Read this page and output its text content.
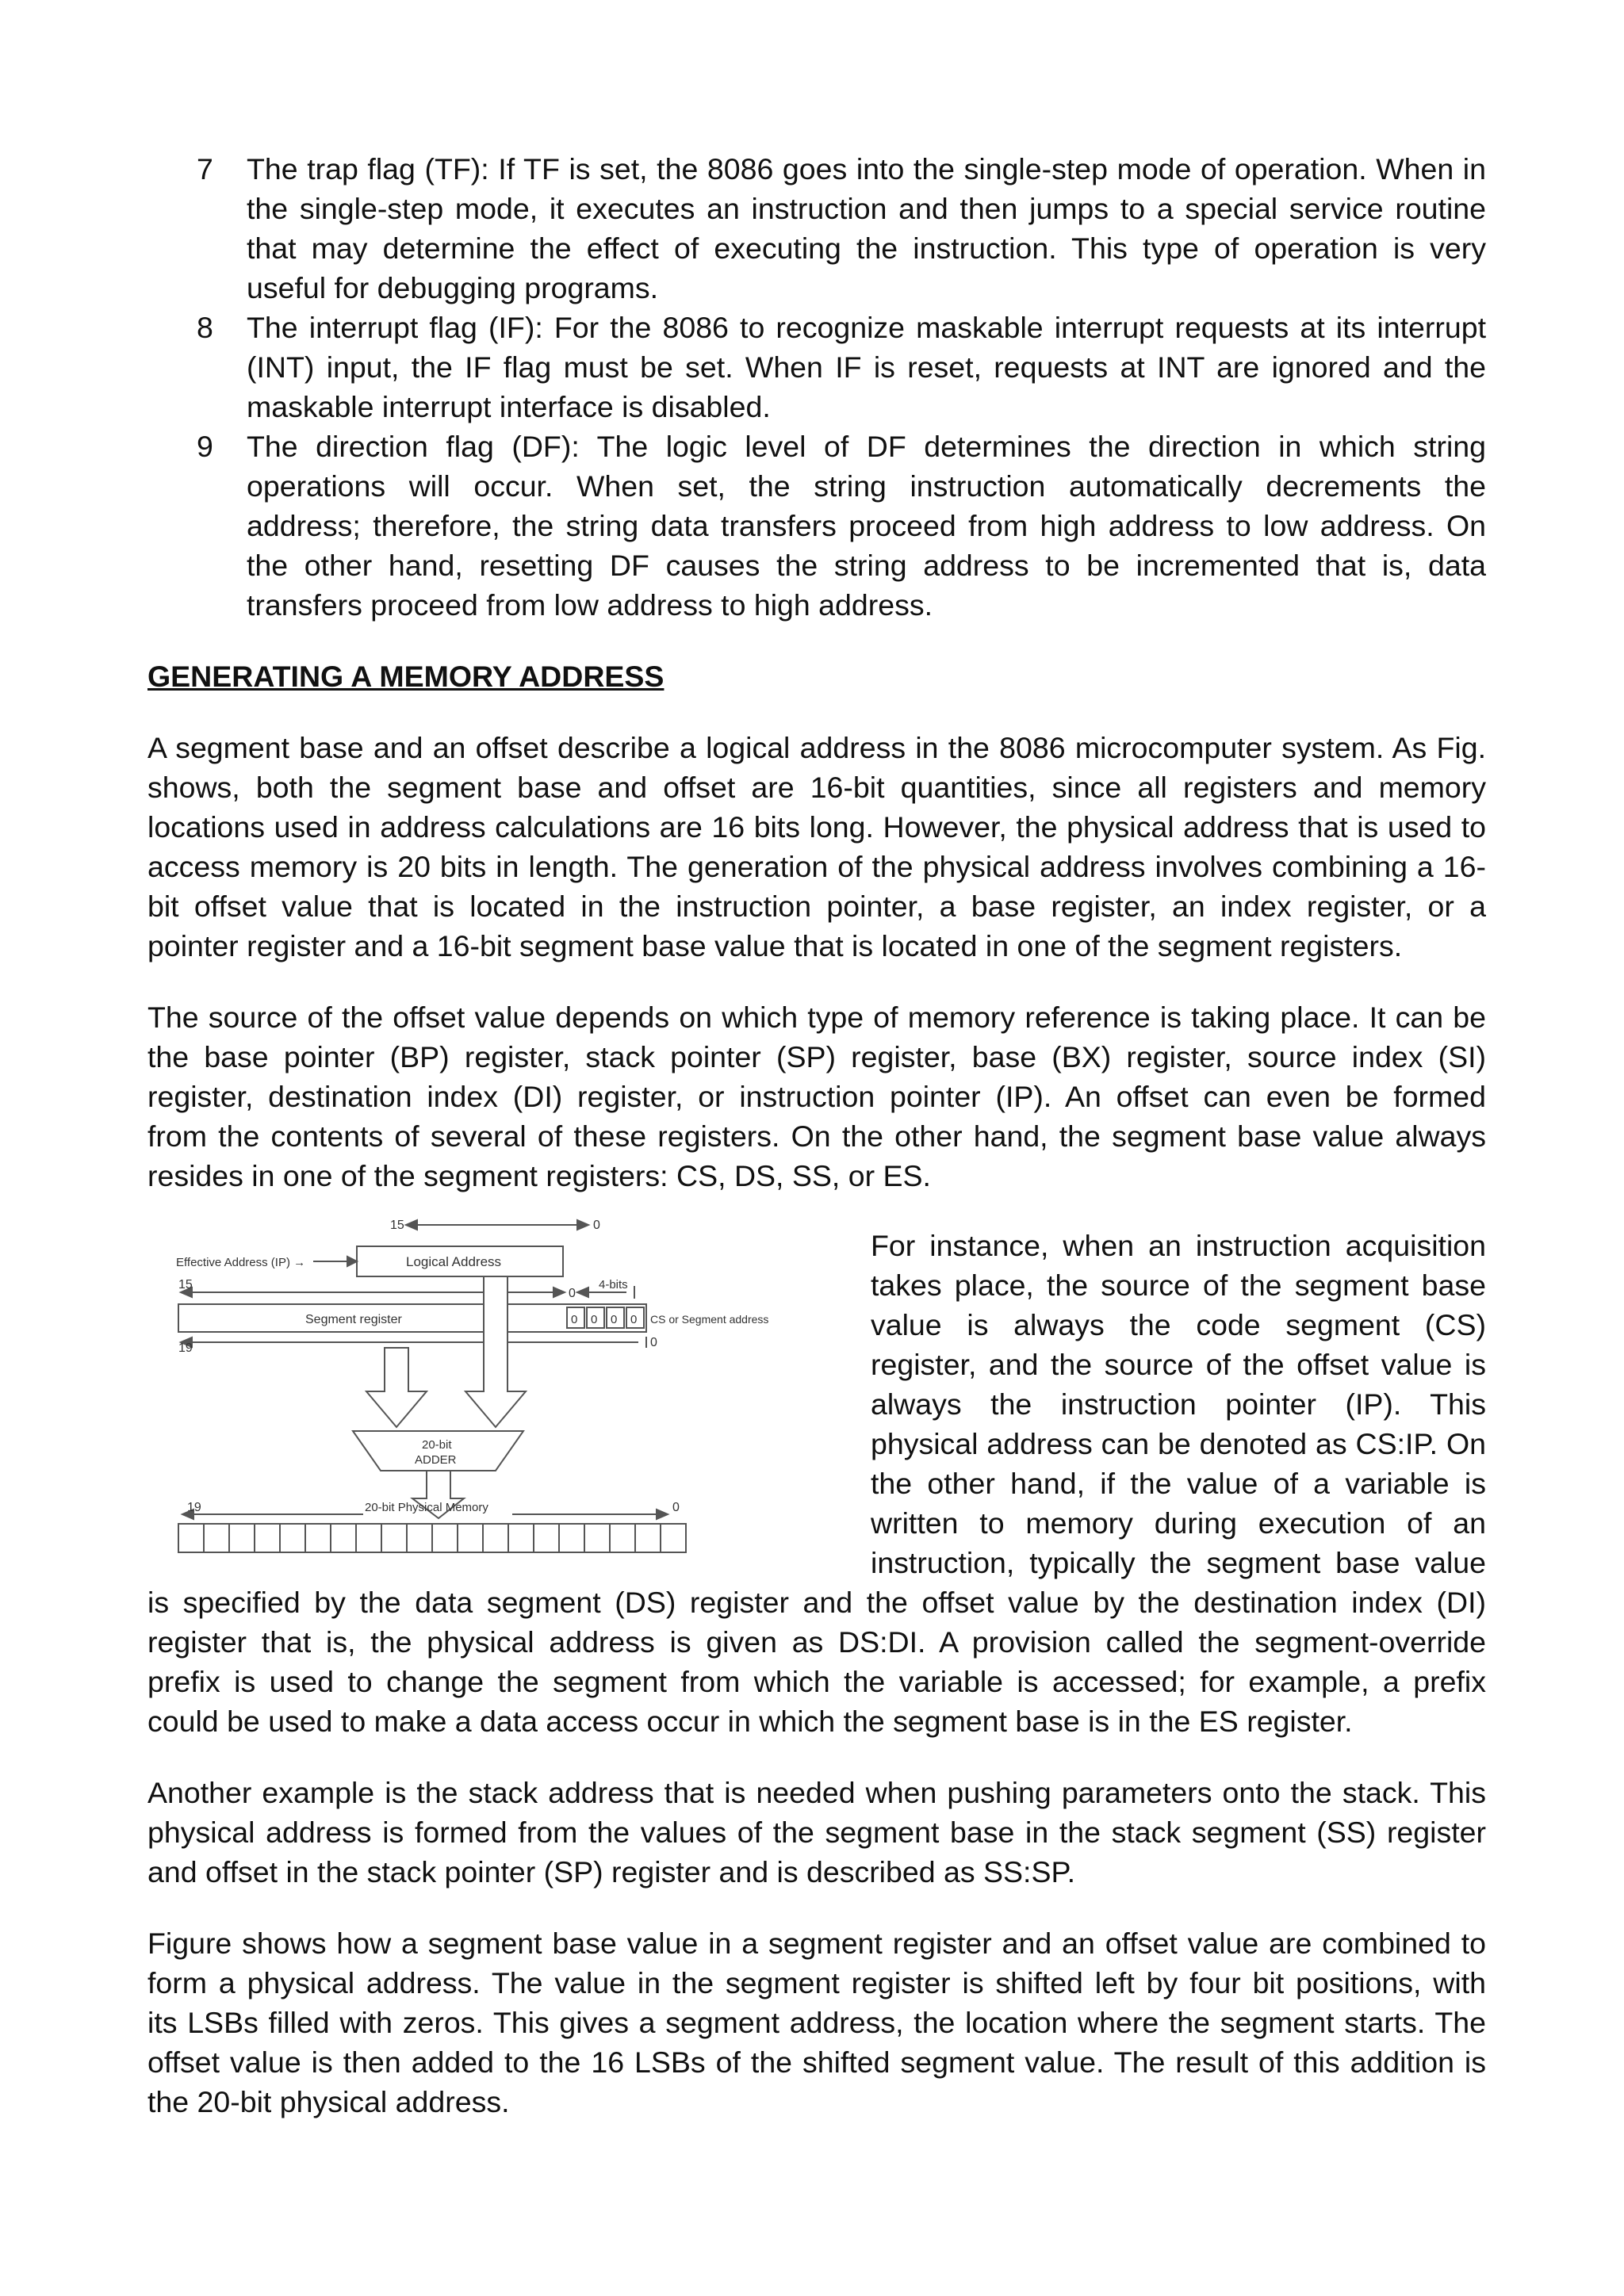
7 The trap flag (TF): If TF is set, the 8086 goes into the single-step mode of operation. When in
the single-step mode, it executes an instruction and then jumps to a special service routine
that may determine the effect of executing the instruction. This type of operation is very
useful for debugging programs.
8 The interrupt flag (IF): For the 8086 to recognize maskable interrupt requests at its interrupt
(INT) input, the IF flag must be set. When IF is reset, requests at INT are ignored and the
maskable interrupt interface is disabled.
9 The direction flag (DF): The logic level of DF determines the direction in which string
operations will occur. When set, the string instruction automatically decrements the
address; therefore, the string data transfers proceed from high address to low address. On
the other hand, resetting DF causes the string address to be incremented that is, data
transfers proceed from low address to high address.
GENERATING A MEMORY ADDRESS
A segment base and an offset describe a logical address in the 8086 microcomputer system. As Fig.
shows, both the segment base and offset are 16-bit quantities, since all registers and memory
locations used in address calculations are 16 bits long. However, the physical address that is used to
access memory is 20 bits in length. The generation of the physical address involves combining a 16-
bit offset value that is located in the instruction pointer, a base register, an index register, or a
pointer register and a 16-bit segment base value that is located in one of the segment registers.
The source of the offset value depends on which type of memory reference is taking place. It can be
the base pointer (BP) register, stack pointer (SP) register, base (BX) register, source index (SI)
register, destination index (DI) register, or instruction pointer (IP). An offset can even be formed
from the contents of several of these registers. On the other hand, the segment base value always
resides in one of the segment registers: CS, DS, SS, or ES.
15	0
Effective Address (IP) →	Logical Address
15
0
4-bits
Segment register	0 0 0 0 CS or Segment address
19	0
20-bit
ADDER
19	20-bit Physical Memory	0
For instance, when an instruction acquisition
takes place, the source of the segment base
value is always the code segment (CS)
register, and the source of the offset value is
always the instruction pointer (IP). This
physical address can be denoted as CS:IP. On
the other hand, if the value of a variable is
written to memory during execution of an
instruction, typically the segment base value
is specified by the data segment (DS) register and the offset value by the destination index (DI)
register that is, the physical address is given as DS:DI. A provision called the segment-override
prefix is used to change the segment from which the variable is accessed; for example, a prefix
could be used to make a data access occur in which the segment base is in the ES register.
Another example is the stack address that is needed when pushing parameters onto the stack. This
physical address is formed from the values of the segment base in the stack segment (SS) register
and offset in the stack pointer (SP) register and is described as SS:SP.
Figure shows how a segment base value in a segment register and an offset value are combined to
form a physical address. The value in the segment register is shifted left by four bit positions, with
its LSBs filled with zeros. This gives a segment address, the location where the segment starts. The
offset value is then added to the 16 LSBs of the shifted segment value. The result of this addition is
the 20-bit physical address.
